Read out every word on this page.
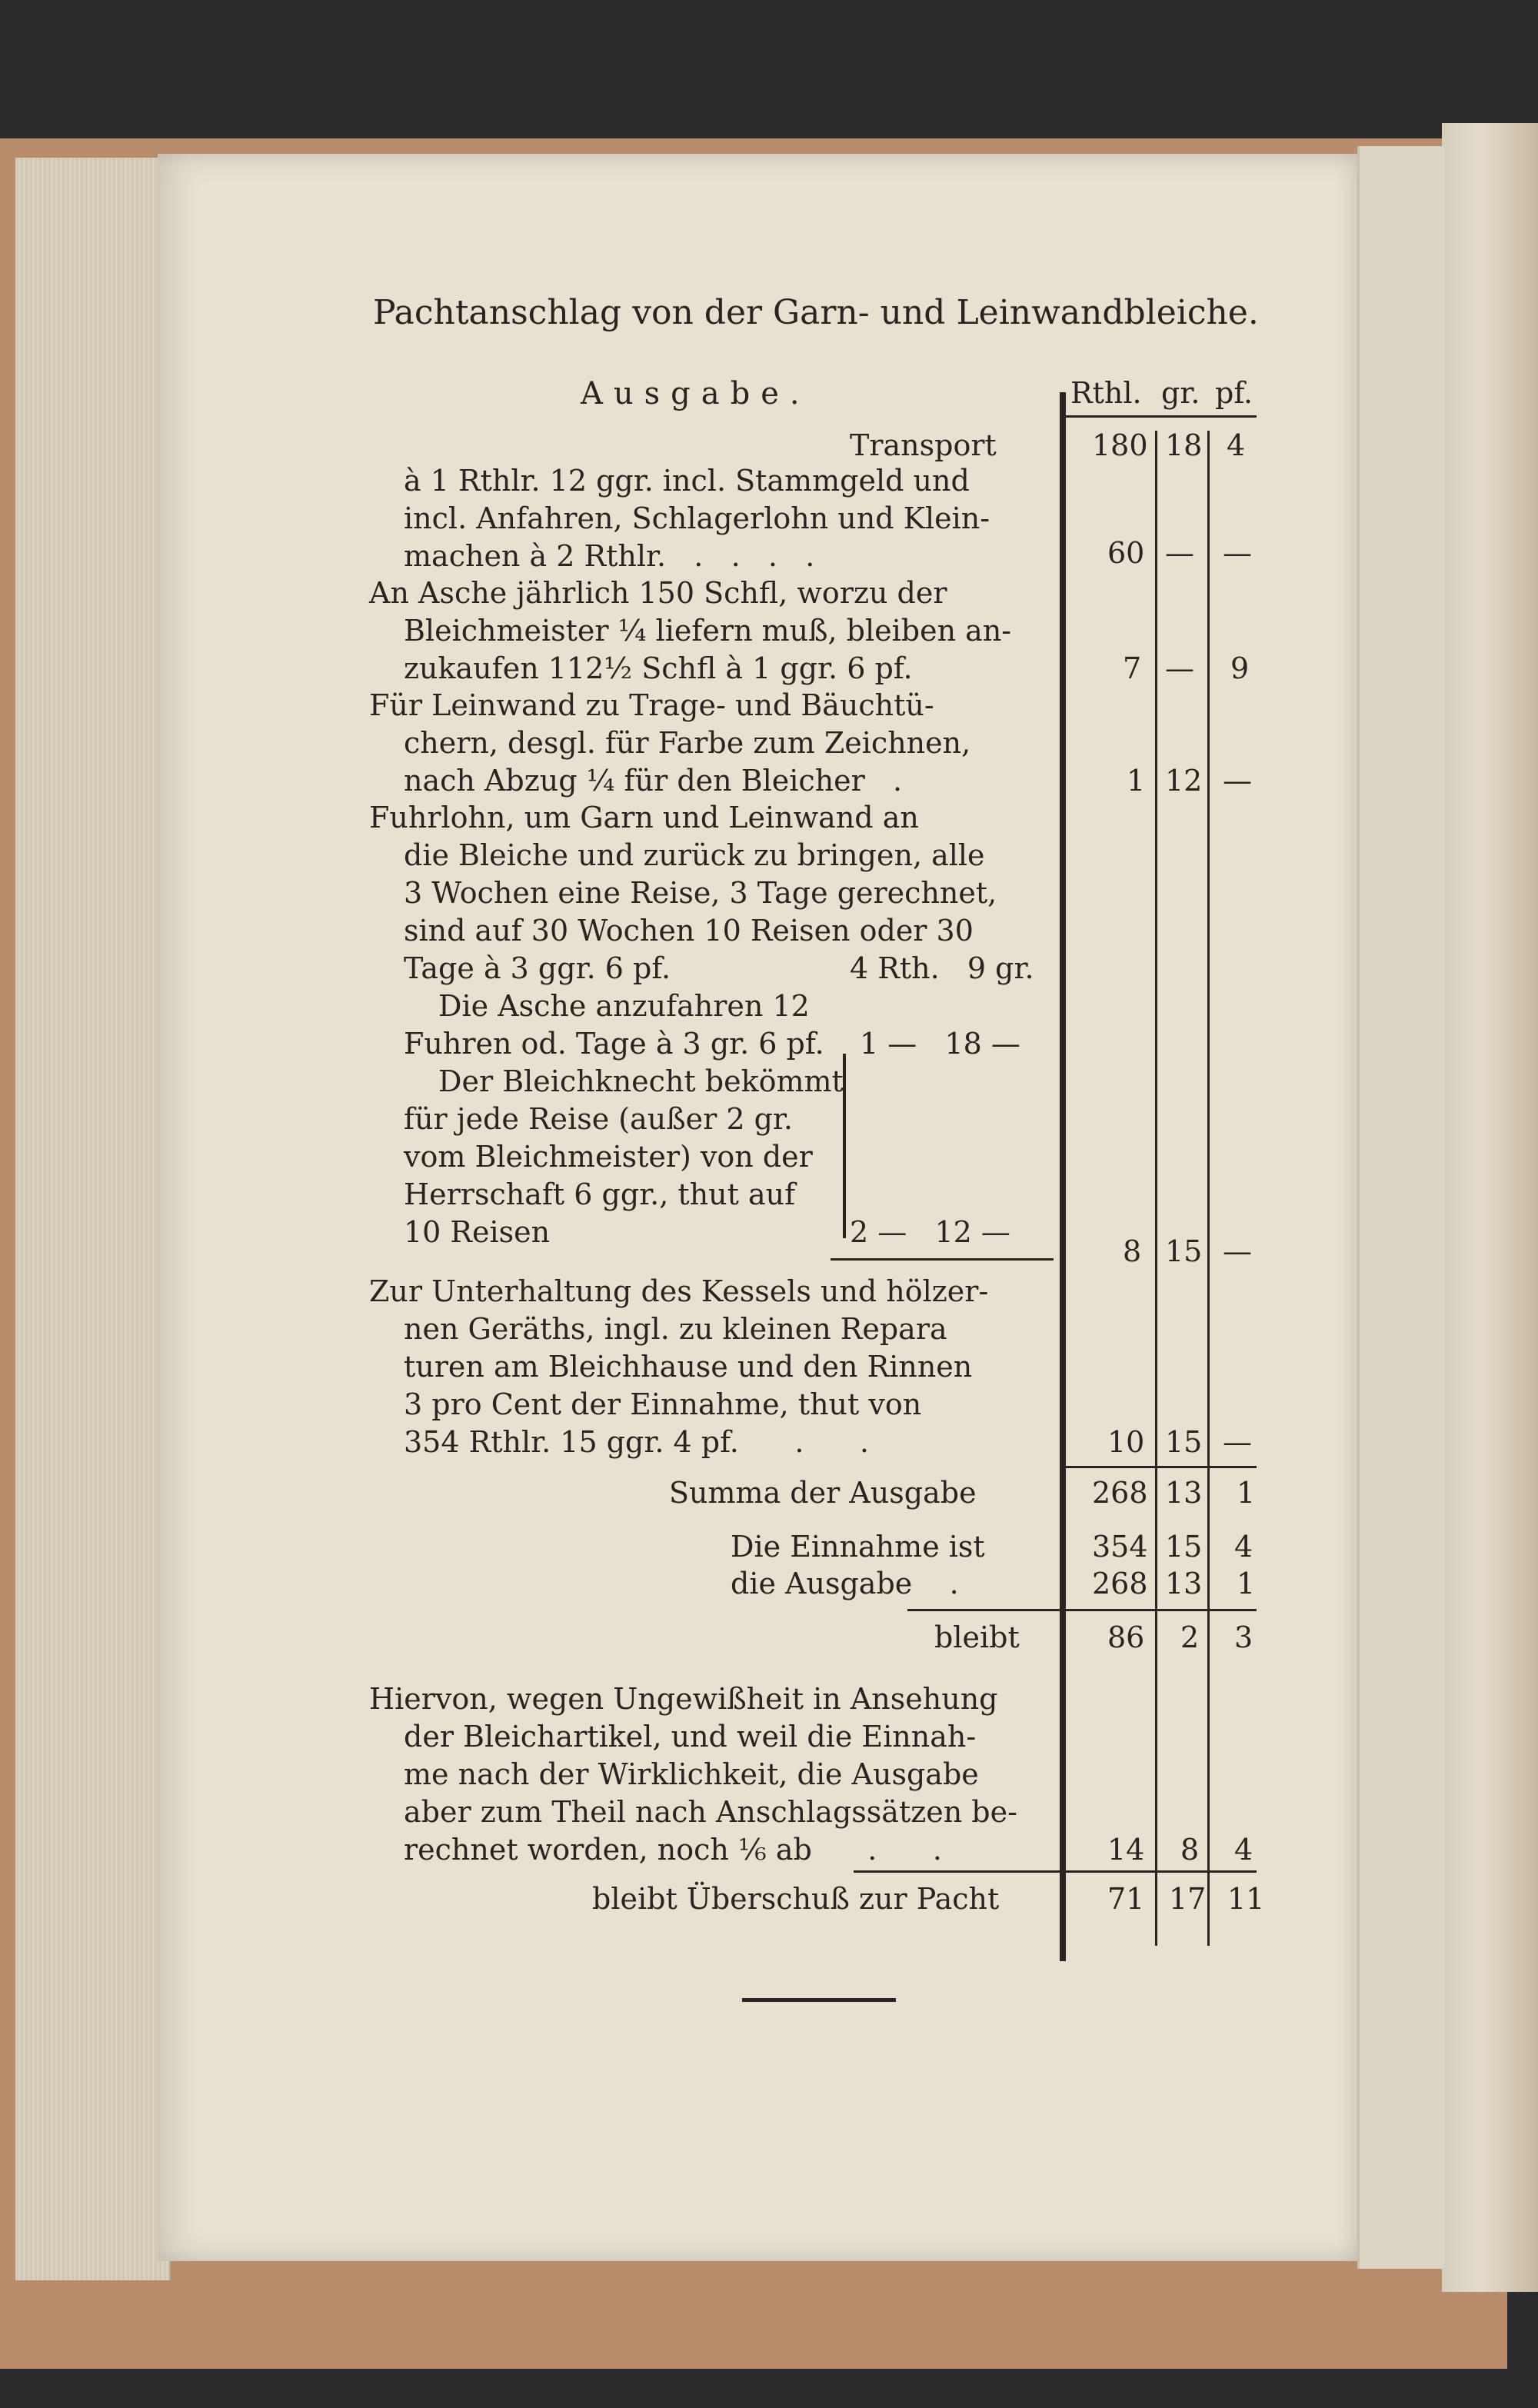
Pachtanschlag von der Garn- und Leinwandbleiche.
Ausgabe.	Rthl. gr. pf.
Transport	180 18 4
à 1 Rthlr. 12 ggr. incl. Stammgeld und
incl. Anfahren, Schlagerlohn und Klein-
machen à 2 Rthlr.   .   .   .   .	60 — —
An Asche jährlich 150 Schfl, worzu der
Bleichmeister ¼ liefern muß, bleiben an-
zukaufen 112½ Schfl à 1 ggr. 6 pf.	7 — 9
Für Leinwand zu Trage- und Bäuchtü-
chern, desgl. für Farbe zum Zeichnen,
nach Abzug ¼ für den Bleicher   .	1 12 —
Fuhrlohn, um Garn und Leinwand an
die Bleiche und zurück zu bringen, alle
3 Wochen eine Reise, 3 Tage gerechnet,
sind auf 30 Wochen 10 Reisen oder 30
Tage à 3 ggr. 6 pf.	4 Rth.   9 gr.
Die Asche anzufahren 12
Fuhren od. Tage à 3 gr. 6 pf. 1 —   18 —
Der Bleichknecht bekömmt
für jede Reise (außer 2 gr.
vom Bleichmeister) von der
Herrschaft 6 ggr., thut auf
10 Reisen	2 —   12 —
8 15 —
Zur Unterhaltung des Kessels und hölzer-
nen Geräths, ingl. zu kleinen Repara
turen am Bleichhause und den Rinnen
3 pro Cent der Einnahme, thut von
354 Rthlr. 15 ggr. 4 pf.      .      .	10 15 —
Summa der Ausgabe	268 13 1
Die Einnahme ist	354 15 4
die Ausgabe    .	268 13 1
bleibt	86 2 3
Hiervon, wegen Ungewißheit in Ansehung
der Bleichartikel, und weil die Einnah-
me nach der Wirklichkeit, die Ausgabe
aber zum Theil nach Anschlagssätzen be-
rechnet worden, noch ⅙ ab      .      .	14 8 4
bleibt Überschuß zur Pacht	71 17 11
